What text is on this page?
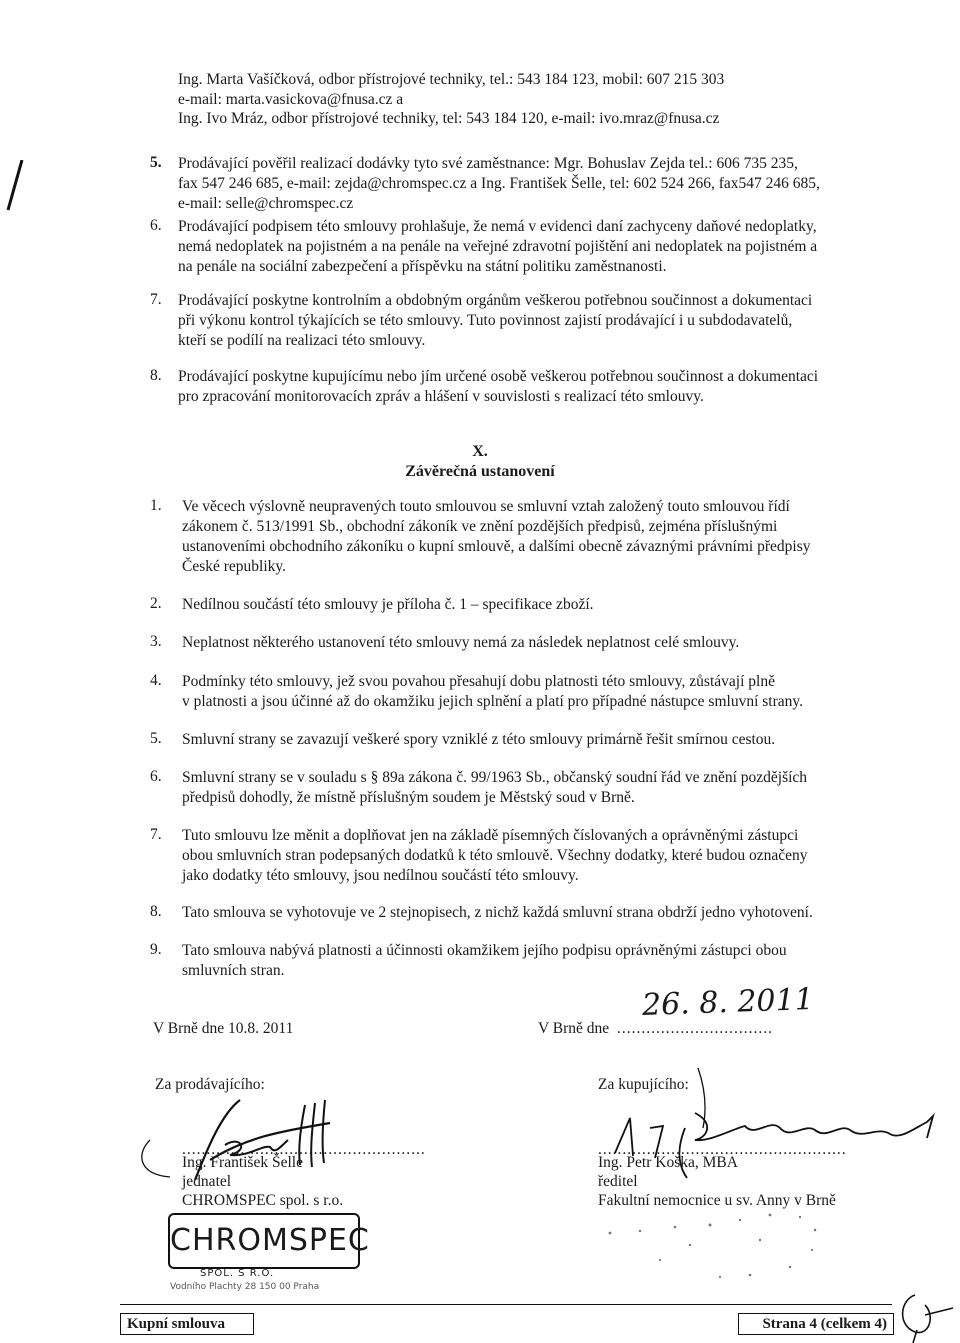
Ing. Marta Vašíčková, odbor přístrojové techniky, tel.: 543 184 123, mobil: 607 215 303
e-mail: marta.vasickova@fnusa.cz a
Ing. Ivo Mráz, odbor přístrojové techniky, tel: 543 184 120, e-mail: ivo.mraz@fnusa.cz
5. Prodávající pověřil realizací dodávky tyto své zaměstnance: Mgr. Bohuslav Zejda tel.: 606 735 235,
fax 547 246 685, e-mail: zejda@chromspec.cz a Ing. František Šelle, tel: 602 524 266, fax547 246 685,
e-mail: selle@chromspec.cz
6. Prodávající podpisem této smlouvy prohlašuje, že nemá v evidenci daní zachyceny daňové nedoplatky,
nemá nedoplatek na pojistném a na penále na veřejné zdravotní pojištění ani nedoplatek na pojistném a
na penále na sociální zabezpečení a příspěvku na státní politiku zaměstnanosti.
7. Prodávající poskytne kontrolním a obdobným orgánům veškerou potřebnou součinnost a dokumentaci
při výkonu kontrol týkajících se této smlouvy. Tuto povinnost zajistí prodávající i u subdodavatelů,
kteří se podílí na realizaci této smlouvy.
8. Prodávající poskytne kupujícímu nebo jím určené osobě veškerou potřebnou součinnost a dokumentaci
pro zpracování monitorovacích zpráv a hlášení v souvislosti s realizací této smlouvy.
X.
Závěrečná ustanovení
1. Ve věcech výslovně neupravených touto smlouvou se smluvní vztah založený touto smlouvou řídí
zákonem č. 513/1991 Sb., obchodní zákoník ve znění pozdějších předpisů, zejména příslušnými
ustanoveními obchodního zákoníku o kupní smlouvě, a dalšími obecně závaznými právními předpisy
České republiky.
2. Nedílnou součástí této smlouvy je příloha č. 1 – specifikace zboží.
3. Neplatnost některého ustanovení této smlouvy nemá za následek neplatnost celé smlouvy.
4. Podmínky této smlouvy, jež svou povahou přesahují dobu platnosti této smlouvy, zůstávají plně
v platnosti a jsou účinné až do okamžiku jejich splnění a platí pro případné nástupce smluvní strany.
5. Smluvní strany se zavazují veškeré spory vzniklé z této smlouvy primárně řešit smírnou cestou.
6. Smluvní strany se v souladu s § 89a zákona č. 99/1963 Sb., občanský soudní řád ve znění pozdějších
předpisů dohodly, že místně příslušným soudem je Městský soud v Brně.
7. Tuto smlouvu lze měnit a doplňovat jen na základě písemných číslovaných a oprávněnými zástupci
obou smluvních stran podepsaných dodatků k této smlouvě. Všechny dodatky, které budou označeny
jako dodatky této smlouvy, jsou nedílnou součástí této smlouvy.
8. Tato smlouva se vyhotovuje ve 2 stejnopisech, z nichž každá smluvní strana obdrží jedno vyhotovení.
9. Tato smlouva nabývá platnosti a účinnosti okamžikem jejího podpisu oprávněnými zástupci obou
smluvních stran.
V Brně dne 10.8. 2011	V Brně dne ................................
26. 8. 2011
Za prodávajícího:
..................................................
Ing. František Šelle
jednatel
CHROMSPEC spol. s r.o.
CHROMSPEC
SPOL. S R.O.
Vodního Plachty 28 150 00 Praha
Za kupujícího:
...................................................
Ing. Petr Koška, MBA
ředitel
Fakultní nemocnice u sv. Anny v Brně
Kupní smlouva	Strana 4 (celkem 4)
